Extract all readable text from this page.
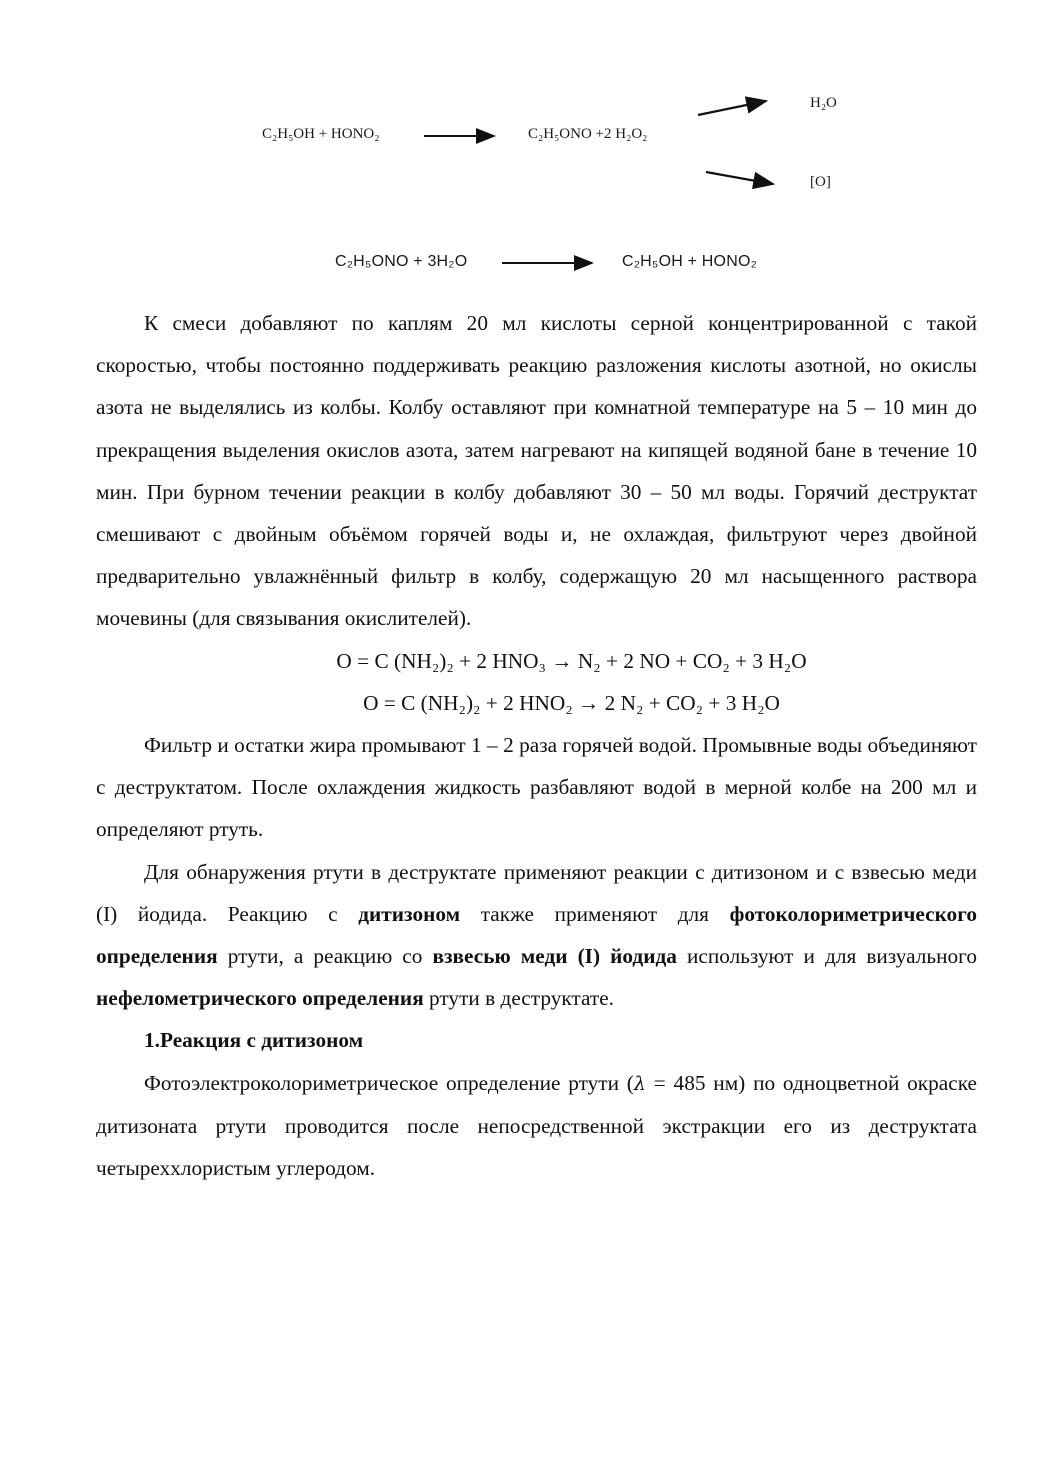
C₂H₅OH + HONO₂	C₂H₅ONO +2 H₂O₂
H₂O
[O]
C₂H₅ONO + 3H₂O	C₂H₅OH + HONO₂

К смеси добавляют по каплям 20 мл кислоты серной концентрированной с такой скоростью, чтобы постоянно поддерживать реакцию разложения кислоты азотной, но окислы азота не выделялись из колбы. Колбу оставляют при комнатной температуре на 5 – 10 мин до прекращения выделения окислов азота, затем нагревают на кипящей водяной бане в течение 10 мин. При бурном течении реакции в колбу добавляют 30 – 50 мл воды. Горячий деструктат смешивают с двойным объёмом горячей воды и, не охлаждая, фильтруют через двойной предварительно увлажнённый фильтр в колбу, содержащую 20 мл насыщенного раствора мочевины (для связывания окислителей).

O = C (NH₂)₂ + 2 HNO₃ → N₂ + 2 NO + CO₂ + 3 H₂O

O = C (NH₂)₂ + 2 HNO₂ → 2 N₂ + CO₂ + 3 H₂O

Фильтр и остатки жира промывают 1 – 2 раза горячей водой. Промывные воды объединяют с деструктатом. После охлаждения жидкость разбавляют водой в мерной колбе на 200 мл и определяют ртуть.

Для обнаружения ртути в деструктате применяют реакции с дитизоном и с взвесью меди (I) йодида. Реакцию с дитизоном также применяют для фотоколориметрического определения ртути, а реакцию со взвесью меди (I) йодида используют и для визуального нефелометрического определения ртути в деструктате.

1.Реакция с дитизоном

Фотоэлектроколориметрическое определение ртути (λ = 485 нм) по одноцветной окраске дитизоната ртути проводится после непосредственной экстракции его из деструктата четыреххлористым углеродом.
